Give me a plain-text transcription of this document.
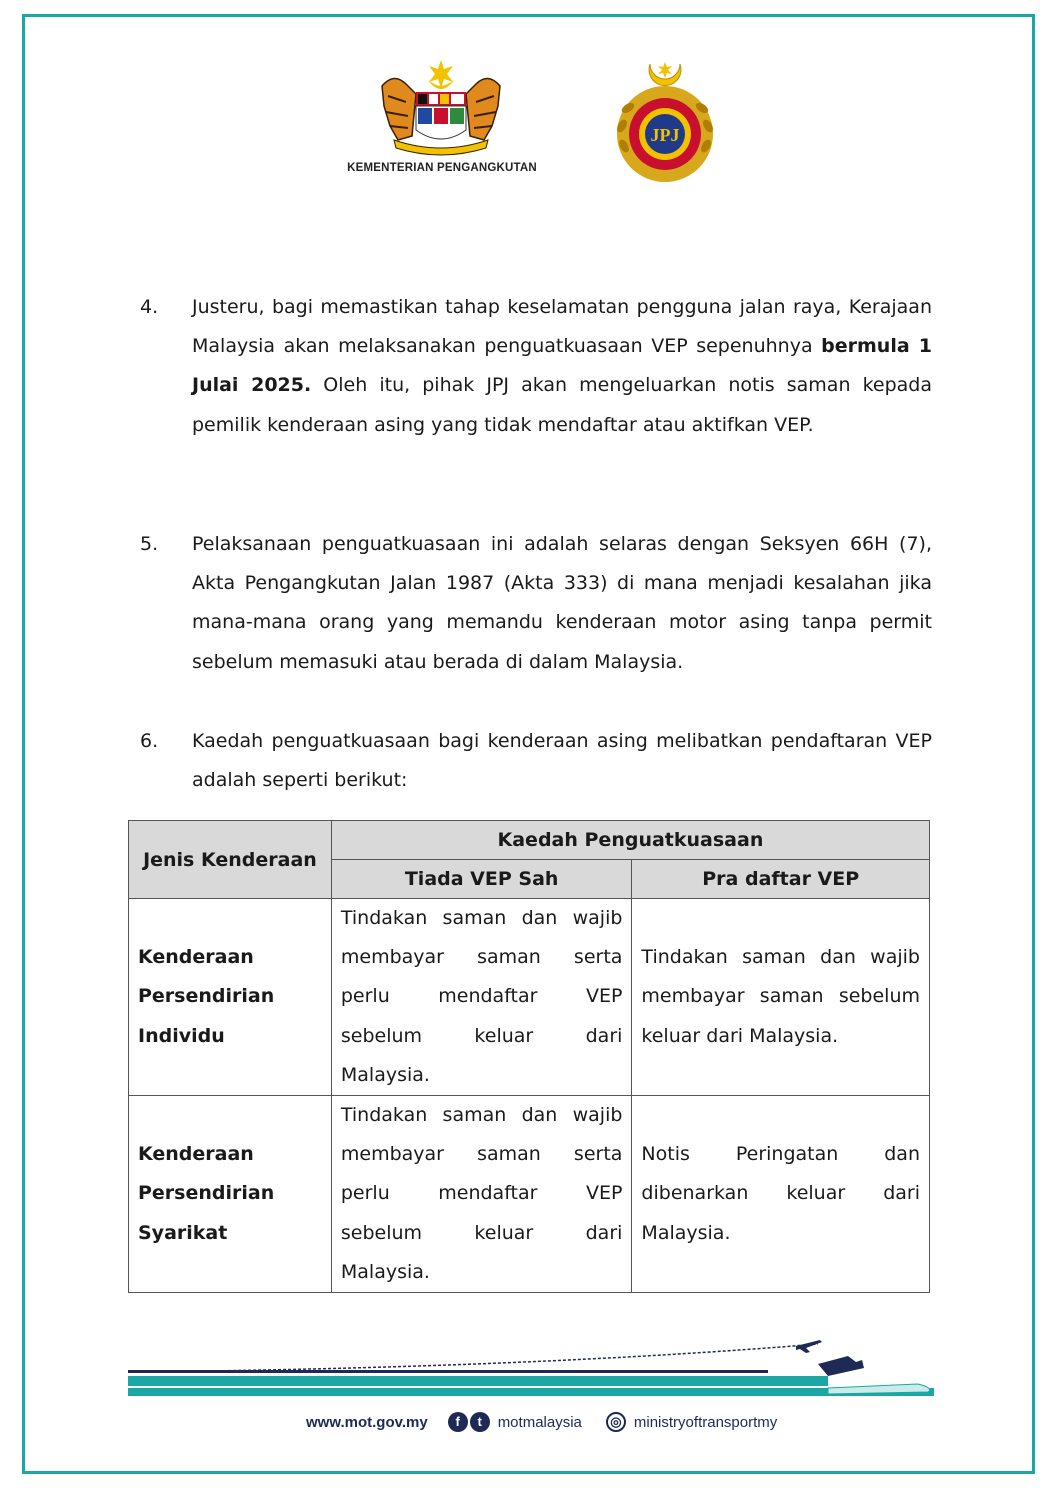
KEMENTERIAN PENGANGKUTAN
JPJ
4. Justeru, bagi memastikan tahap keselamatan pengguna jalan raya, Kerajaan Malaysia akan melaksanakan penguatkuasaan VEP sepenuhnya bermula 1 Julai 2025. Oleh itu, pihak JPJ akan mengeluarkan notis saman kepada pemilik kenderaan asing yang tidak mendaftar atau aktifkan VEP.
5. Pelaksanaan penguatkuasaan ini adalah selaras dengan Seksyen 66H (7), Akta Pengangkutan Jalan 1987 (Akta 333) di mana menjadi kesalahan jika mana-mana orang yang memandu kenderaan motor asing tanpa permit sebelum memasuki atau berada di dalam Malaysia.
6. Kaedah penguatkuasaan bagi kenderaan asing melibatkan pendaftaran VEP adalah seperti berikut:
Jenis Kenderaan	Kaedah Penguatkuasaan	
	Tiada VEP Sah	Pra daftar VEP

Kenderaan
Persendirian
Individu	Tindakan saman dan wajib membayar saman serta perlu mendaftar VEP sebelum keluar dari Malaysia.	Tindakan saman dan wajib membayar saman sebelum keluar dari Malaysia.

Kenderaan
Persendirian
Syarikat	Tindakan saman dan wajib membayar saman serta perlu mendaftar VEP sebelum keluar dari Malaysia.	Notis Peringatan dan dibenarkan keluar dari Malaysia.
www.mot.gov.my	f	t	motmalaysia	◎ ministryoftransportmy
